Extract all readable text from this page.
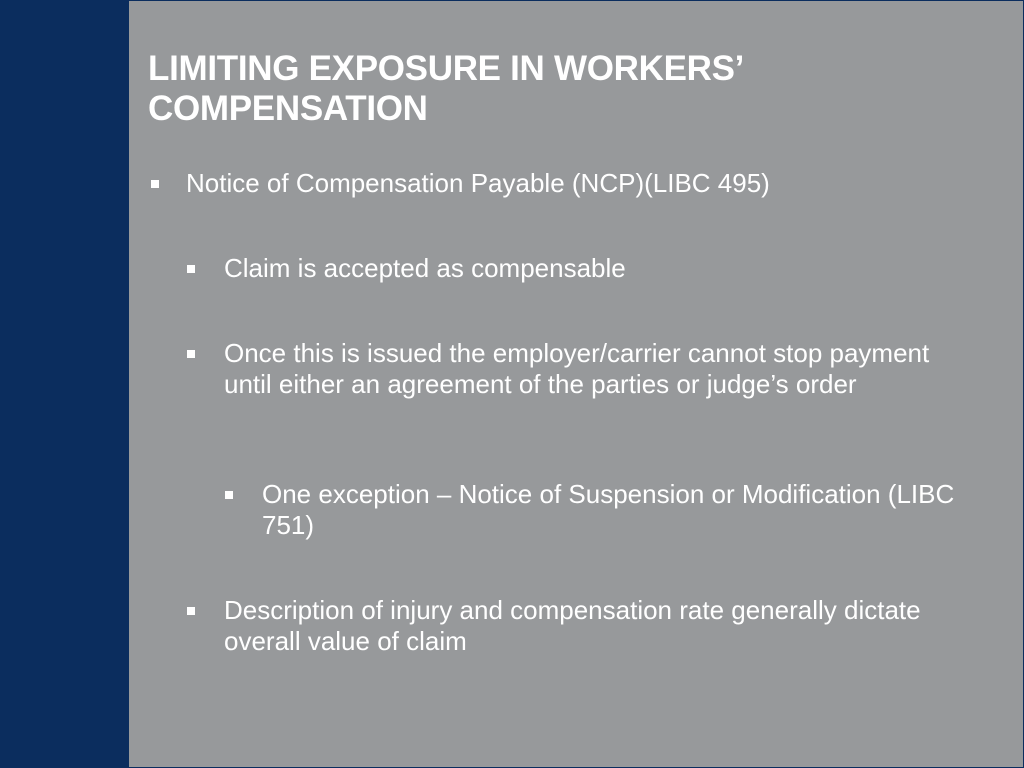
LIMITING EXPOSURE IN WORKERS’ COMPENSATION
Notice of Compensation Payable (NCP)(LIBC 495)
Claim is accepted as compensable
Once this is issued the employer/carrier cannot stop payment until either an agreement of the parties or judge’s order
One exception – Notice of Suspension or Modification (LIBC 751)
Description of injury and compensation rate generally dictate overall value of claim
